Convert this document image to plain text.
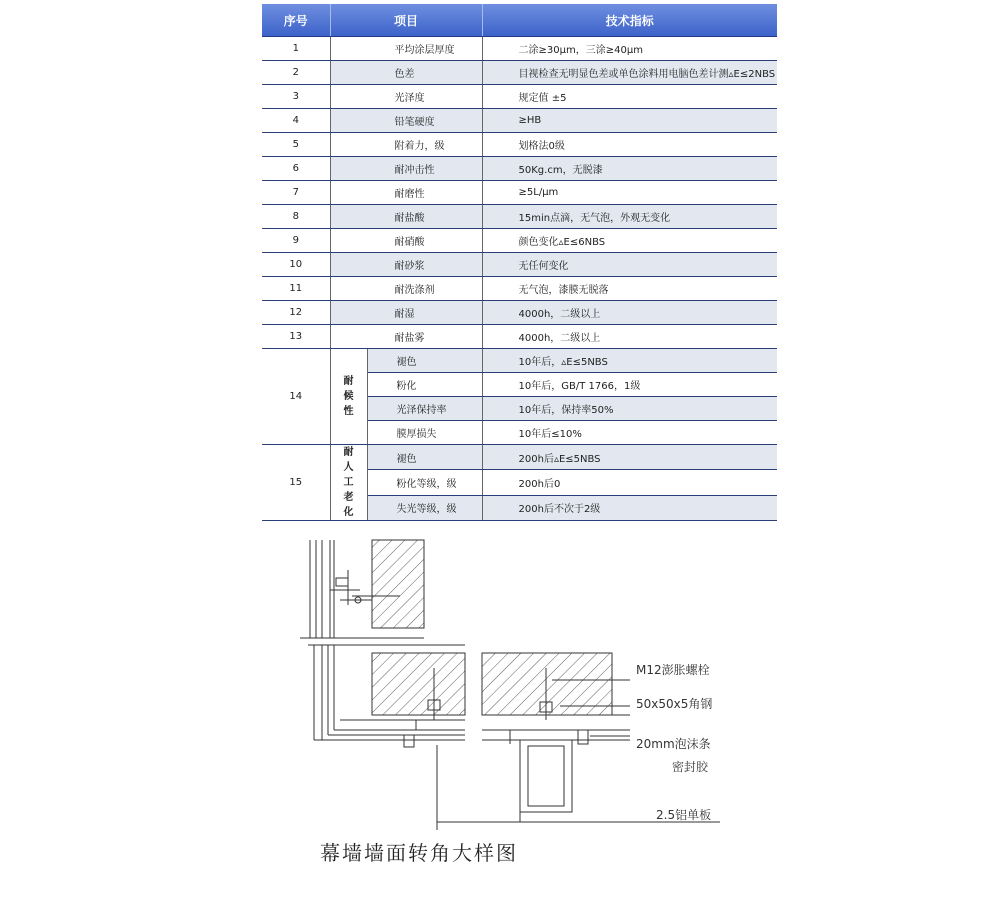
序号	项目		技术指标
1	平均涂层厚度		二涂≥30μm，三涂≥40μm
2	色差		目视检查无明显色差或单色涂料用电脑色差计测▵E≤2NBS
3	光泽度		规定值 ±5
4	铅笔硬度		≥HB
5	附着力，级		划格法0级
6	耐冲击性		50Kg.cm，无脱漆
7	耐磨性		≥5L/μm
8	耐盐酸		15min点滴，无气泡，外观无变化
9	耐硝酸		颜色变化▵E≤6NBS
10	耐砂浆		无任何变化
11	耐洗涤剂		无气泡，漆膜无脱落
12	耐湿		4000h，二级以上
13	耐盐雾		4000h，二级以上
14	耐候性	褪色	10年后，▵E≤5NBS
		粉化	10年后，GB/T 1766，1级
		光泽保持率	10年后，保持率50%
		膜厚损失	10年后≤10%
15	耐人工老化	褪色	200h后▵E≤5NBS
		粉化等级，级	200h后0
		失光等级，级	200h后不次于2级
M12澎胀螺栓
50x50x5角钢
20mm泡沫条
密封胶
2.5铝单板
幕墙墙面转角大样图
